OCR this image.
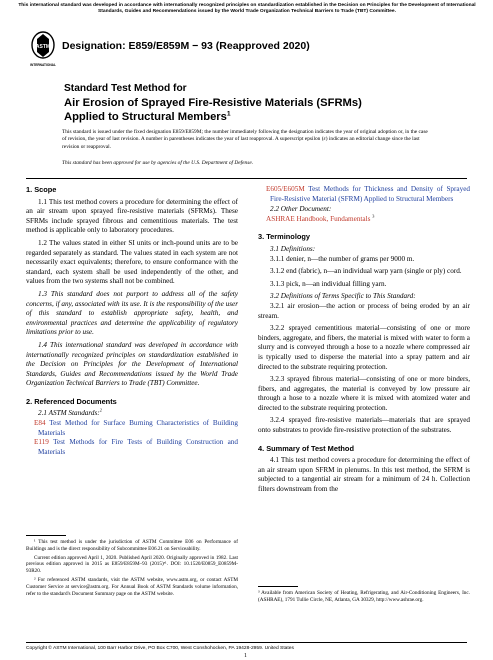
This international standard was developed in accordance with internationally recognized principles on standardization established in the Decision on Principles for the Development of International Standards, Guides and Recommendations issued by the World Trade Organization Technical Barriers to Trade (TBT) Committee.
ASTM
INTERNATIONAL
Designation: E859/E859M − 93 (Reapproved 2020)
Standard Test Method for
Air Erosion of Sprayed Fire-Resistive Materials (SFRMs)
Applied to Structural Members$^1$
This standard is issued under the fixed designation E859/E859M; the number immediately following the designation indicates the year of original adoption or, in the case of revision, the year of last revision. A number in parentheses indicates the year of last reapproval. A superscript epsilon (ε) indicates an editorial change since the last revision or reapproval.
This standard has been approved for use by agencies of the U.S. Department of Defense.

1. Scope

1.1 This test method covers a procedure for determining the effect of an air stream upon sprayed fire-resistive materials (SFRMs). These SFRMs include sprayed fibrous and cementitious materials. The test method is applicable only to laboratory procedures.

1.2 The values stated in either SI units or inch-pound units are to be regarded separately as standard. The values stated in each system are not necessarily exact equivalents; therefore, to ensure conformance with the standard, each system shall be used independently of the other, and values from the two systems shall not be combined.

1.3 This standard does not purport to address all of the safety concerns, if any, associated with its use. It is the responsibility of the user of this standard to establish appropriate safety, health, and environmental practices and determine the applicability of regulatory limitations prior to use.

1.4 This international standard was developed in accordance with internationally recognized principles on standardization established in the Decision on Principles for the Development of International Standards, Guides and Recommendations issued by the World Trade Organization Technical Barriers to Trade (TBT) Committee.

2. Referenced Documents

2.1 ASTM Standards:$^2$

E84 Test Method for Surface Burning Characteristics of Building Materials

E119 Test Methods for Fire Tests of Building Construction and Materials

¹ This test method is under the jurisdiction of ASTM Committee E06 on Performance of Buildings and is the direct responsibility of Subcommittee E06.21 on Serviceability.

Current edition approved April 1, 2020. Published April 2020. Originally approved in 1982. Last previous edition approved in 2015 as E859/E859M–93 (2015)ᵉ¹. DOI: 10.1520/E0859_E0859M-93R20.

² For referenced ASTM standards, visit the ASTM website, www.astm.org, or contact ASTM Customer Service at service@astm.org. For Annual Book of ASTM Standards volume information, refer to the standard's Document Summary page on the ASTM website.

E605/E605M Test Methods for Thickness and Density of Sprayed Fire-Resistive Material (SFRM) Applied to Structural Members

2.2 Other Document:

ASHRAE Handbook, Fundamentals $^3$

3. Terminology

3.1 Definitions:

3.1.1 denier, n—the number of grams per 9000 m.

3.1.2 end (fabric), n—an individual warp yarn (single or ply) cord.

3.1.3 pick, n—an individual filling yarn.

3.2 Definitions of Terms Specific to This Standard:

3.2.1 air erosion—the action or process of being eroded by an air stream.

3.2.2 sprayed cementitious material—consisting of one or more binders, aggregate, and fibers, the material is mixed with water to form a slurry and is conveyed through a hose to a nozzle where compressed air is typically used to disperse the material into a spray pattern and air directed to the substrate requiring protection.

3.2.3 sprayed fibrous material—consisting of one or more binders, fibers, and aggregates, the material is conveyed by low pressure air through a hose to a nozzle where it is mixed with atomized water and directed to the substrate requiring protection.

3.2.4 sprayed fire-resistive materials—materials that are sprayed onto substrates to provide fire-resistive protection of the substrates.

4. Summary of Test Method

4.1 This test method covers a procedure for determining the effect of an air stream upon SFRM in plenums. In this test method, the SFRM is subjected to a tangential air stream for a minimum of 24 h. Collection filters downstream from the

³ Available from American Society of Heating, Refrigerating, and Air-Conditioning Engineers, Inc. (ASHRAE), 1791 Tullie Circle, NE, Atlanta, GA 30329, http://www.ashrae.org.
Copyright © ASTM International, 100 Barr Harbor Drive, PO Box C700, West Conshohocken, PA 19428-2959. United States
1
